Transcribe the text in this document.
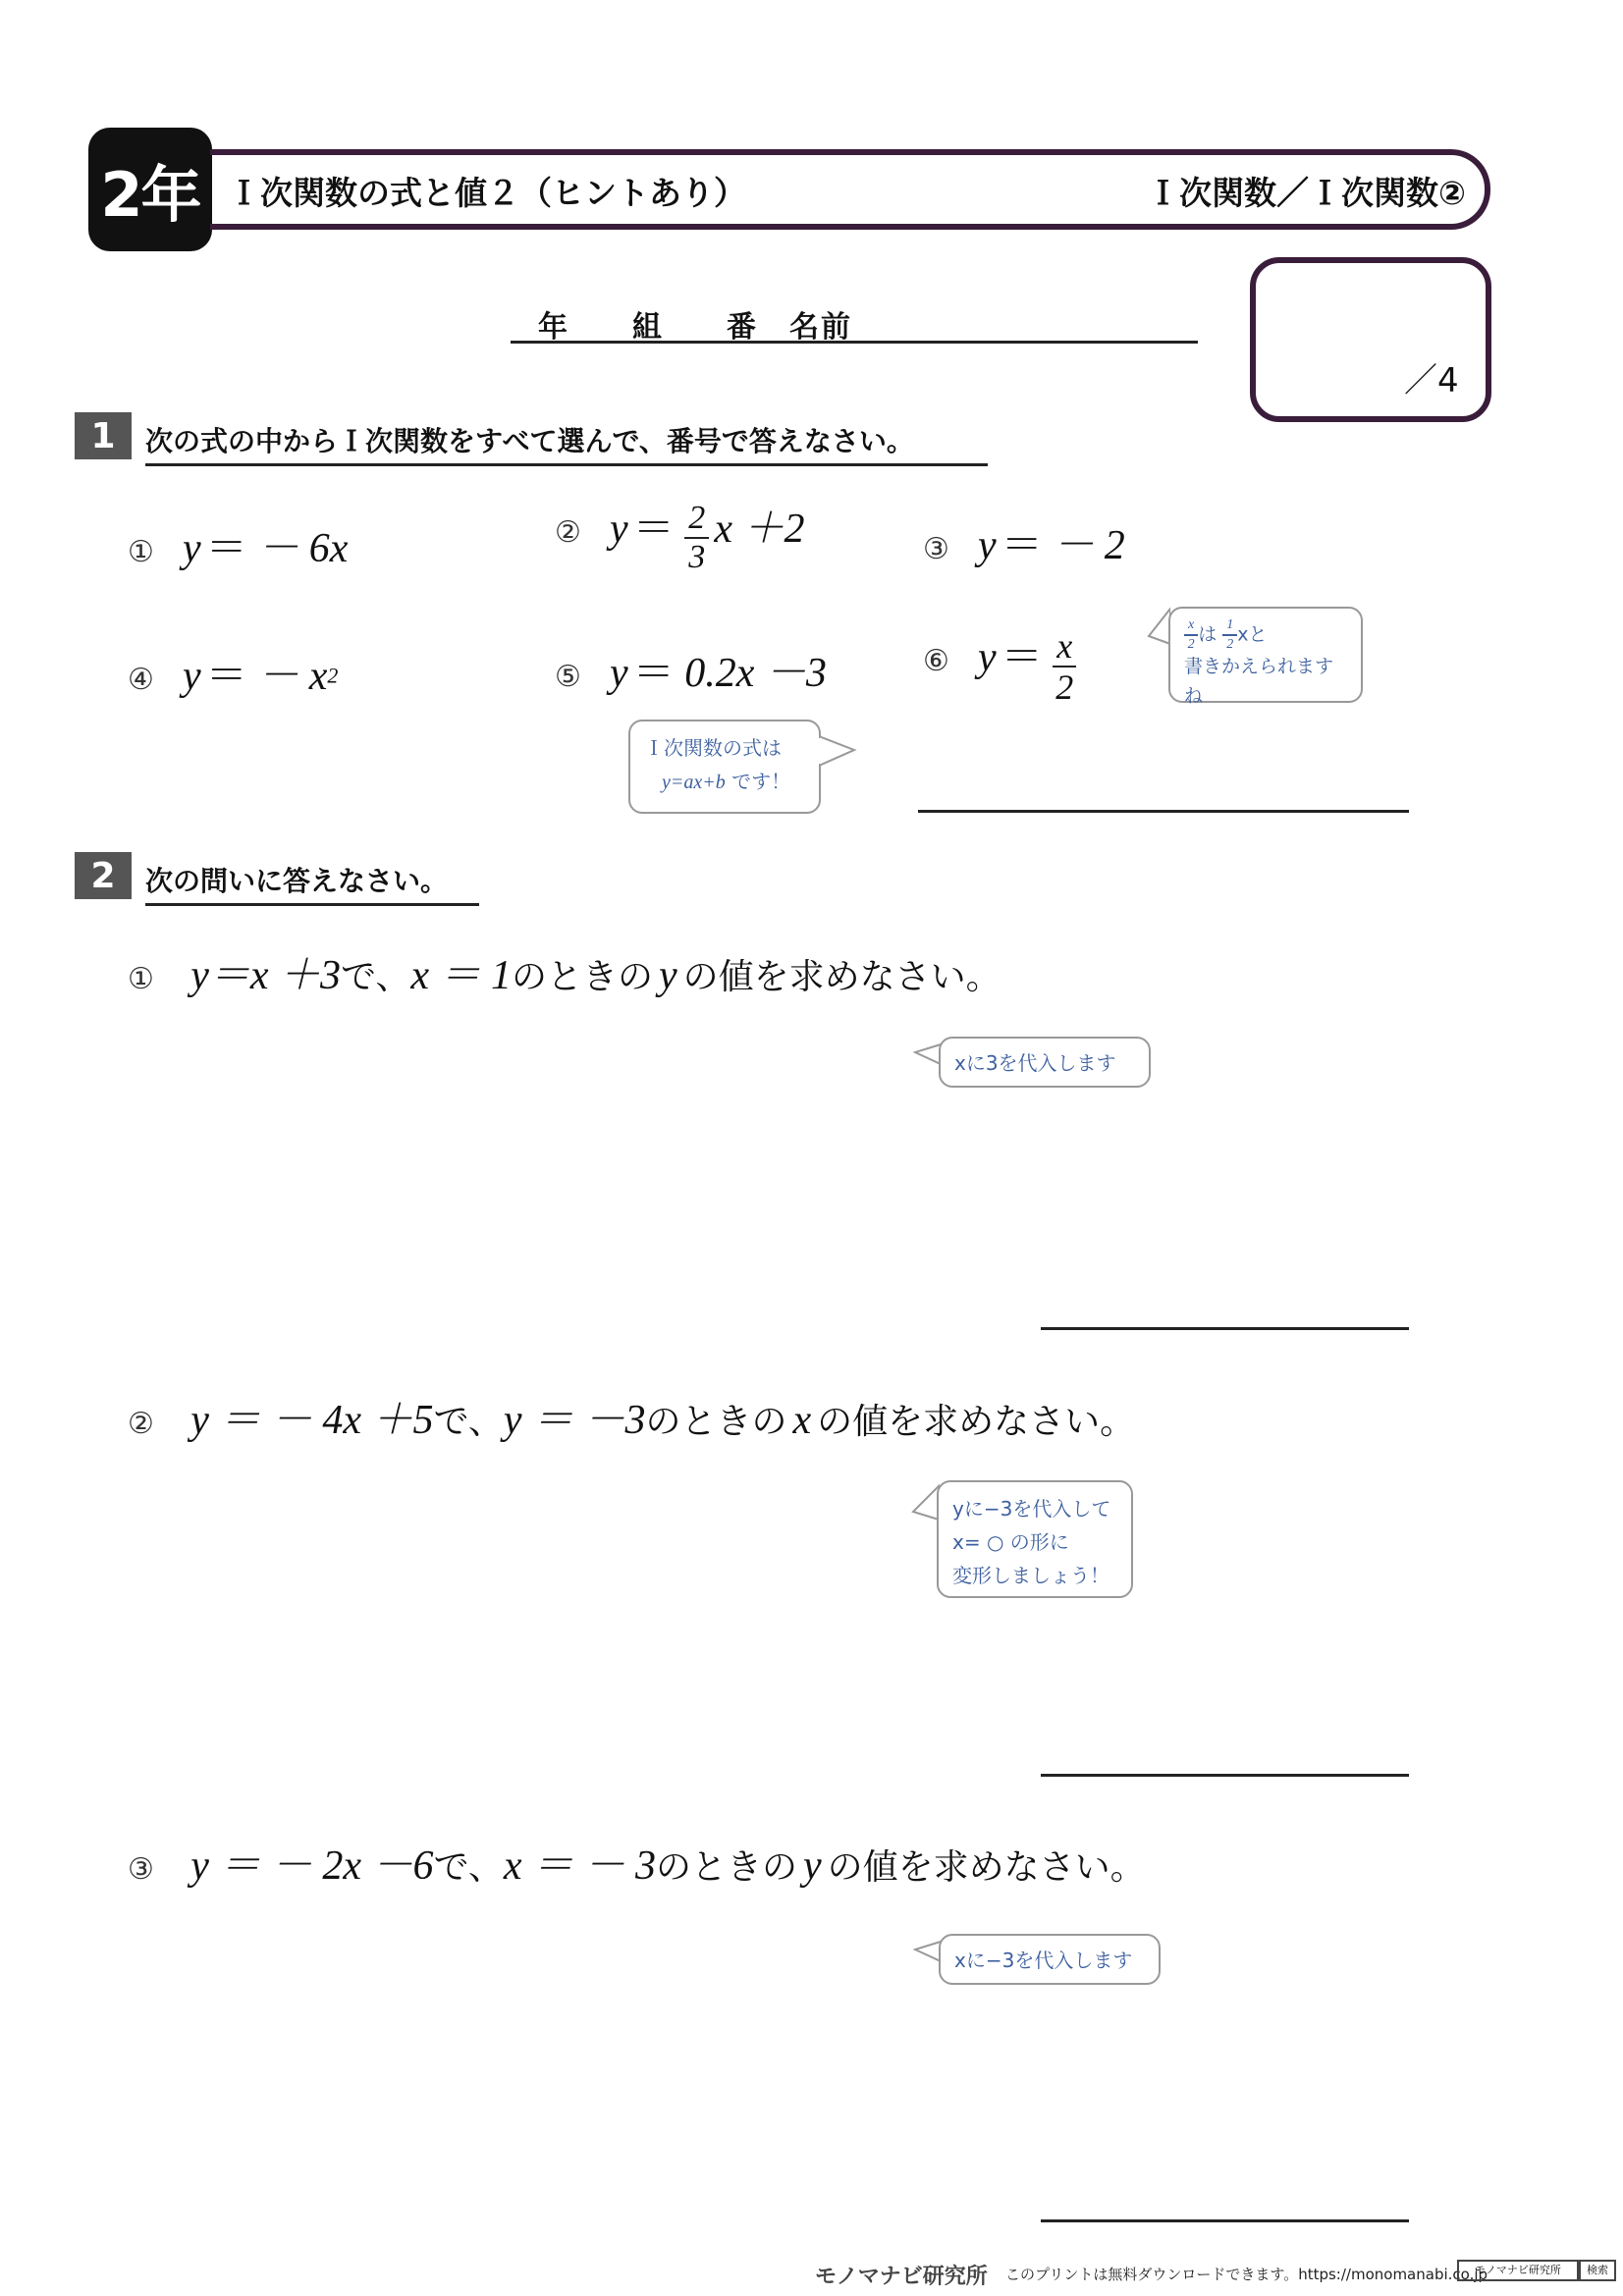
2年 Ｉ次関数の式と値２（ヒントあり）	Ｉ次関数／Ｉ次関数②
年　　組　　番　名前
／4
1	次の式の中からＩ次関数をすべて選んで、番号で答えなさい。
① y ＝ － 6x	② $y = \frac{2}{3}$ x ＋2	③ y ＝ － 2
④ y ＝ － $x^2$	⑤ y ＝ 0.2x －3	⑥ $y = \frac{x}{2}$	$\frac{x}{2}$ は $\frac{1}{2}$ xと
書きかえられますね
Ｉ次関数の式は
y=ax+b です！
2	次の問いに答えなさい。
① y＝x ＋3で、x ＝ 1のときの y の値を求めなさい。
xに3を代入します
② y ＝ － 4x ＋5で、y ＝ －3のときの x の値を求めなさい。
yに−3を代入して
x= ○ の形に
変形しましょう！
③ y ＝ － 2x －6で、x ＝ － 3のときの y の値を求めなさい。
xに−3を代入します
モノマナビ研究所 このプリントは無料ダウンロードできます。https://monomanabi.co.jp
モノマナビ研究所	検索
